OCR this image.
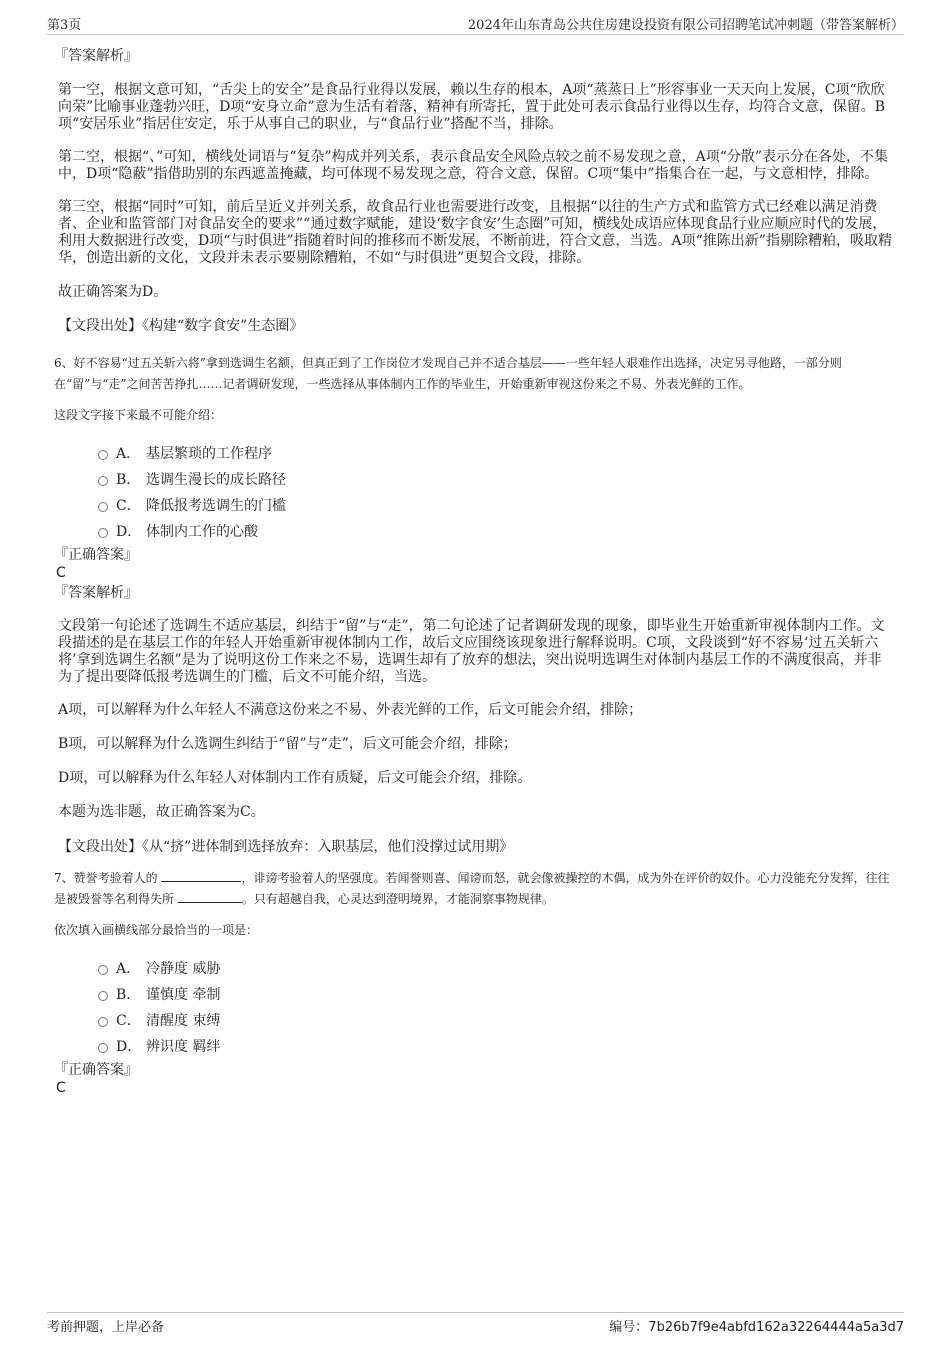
第3页	2024年山东青岛公共住房建设投资有限公司招聘笔试冲刺题（带答案解析）

『答案解析』

第一空，根据文意可知，“舌尖上的安全”是食品行业得以发展，赖以生存的根本，A项“蒸蒸日上”形容事业一天天向上发展，C项“欣欣向荣”比喻事业蓬勃兴旺，D项“安身立命”意为生活有着落，精神有所寄托，置于此处可表示食品行业得以生存，均符合文意，保留。B项“安居乐业”指居住安定，乐于从事自己的职业，与“食品行业”搭配不当，排除。

第二空，根据“、”可知，横线处词语与“复杂”构成并列关系，表示食品安全风险点较之前不易发现之意，A项“分散”表示分在各处，不集中，D项“隐蔽”指借助别的东西遮盖掩藏，均可体现不易发现之意，符合文意，保留。C项“集中”指集合在一起，与文意相悖，排除。

第三空，根据“同时”可知，前后呈近义并列关系，故食品行业也需要进行改变，且根据“以往的生产方式和监管方式已经难以满足消费者、企业和监管部门对食品安全的要求”“通过数字赋能，建设‘数字食安’生态圈”可知，横线处成语应体现食品行业应顺应时代的发展，利用大数据进行改变，D项“与时俱进”指随着时间的推移而不断发展，不断前进，符合文意，当选。A项“推陈出新”指剔除糟粕，吸取精华，创造出新的文化，文段并未表示要剔除糟粕，不如“与时俱进”更契合文段，排除。

故正确答案为D。

【文段出处】《构建“数字食安”生态圈》

6、好不容易“过五关斩六将”拿到选调生名额，但真正到了工作岗位才发现自己并不适合基层——一些年轻人艰难作出选择，决定另寻他路，一部分则在“留”与“走”之间苦苦挣扎……记者调研发现，一些选择从事体制内工作的毕业生，开始重新审视这份来之不易、外表光鲜的工作。

这段文字接下来最不可能介绍：

A． 基层繁琐的工作程序
B． 选调生漫长的成长路径
C． 降低报考选调生的门槛
D． 体制内工作的心酸

『正确答案』

C

『答案解析』

文段第一句论述了选调生不适应基层，纠结于“留”与“走”，第二句论述了记者调研发现的现象，即毕业生开始重新审视体制内工作。文段描述的是在基层工作的年轻人开始重新审视体制内工作，故后文应围绕该现象进行解释说明。C项，文段谈到“好不容易‘过五关斩六将’拿到选调生名额”是为了说明这份工作来之不易，选调生却有了放弃的想法，突出说明选调生对体制内基层工作的不满度很高，并非为了提出要降低报考选调生的门槛，后文不可能介绍，当选。

A项，可以解释为什么年轻人不满意这份来之不易、外表光鲜的工作，后文可能会介绍，排除；

B项，可以解释为什么选调生纠结于“留”与“走”，后文可能会介绍，排除；

D项，可以解释为什么年轻人对体制内工作有质疑，后文可能会介绍，排除。

本题为选非题，故正确答案为C。

【文段出处】《从“挤”进体制到选择放弃：入职基层，他们没撑过试用期》

7、赞誉考验着人的	，诽谤考验着人的坚强度。若闻誉则喜、闻谤而怒，就会像被操控的木偶，成为外在评价的奴仆。心力没能充分发挥，往往是被毁誉等名利得失所	。只有超越自我，心灵达到澄明境界，才能洞察事物规律。

依次填入画横线部分最恰当的一项是：

A． 冷静度 威胁
B． 谨慎度 牵制
C． 清醒度 束缚
D． 辨识度 羁绊

『正确答案』

C

考前押题，上岸必备	编号：7b26b7f9e4abfd162a32264444a5a3d7
